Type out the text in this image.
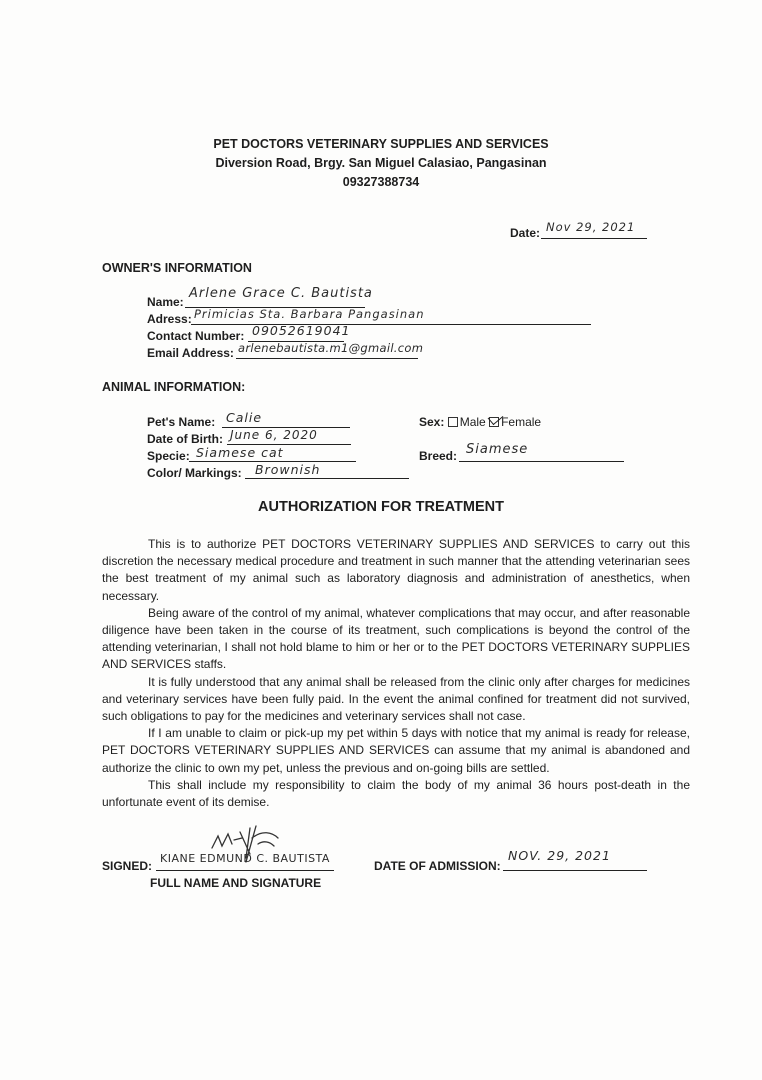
PET DOCTORS VETERINARY SUPPLIES AND SERVICES
Diversion Road, Brgy. San Miguel Calasiao, Pangasinan
09327388734
Date: Nov 29, 2021
OWNER'S INFORMATION
Name:
Arlene Grace C. Bautista
Adress: Primicias Sta. Barbara Pangasinan
Contact Number: 09052619041
Email Address: arlenebautista.m1@gmail.com
ANIMAL INFORMATION:
Pet's Name: Calie
Date of Birth: June 6, 2020
Specie: Siamese cat
Color/ Markings: Brownish
Sex: Male Female
Breed: Siamese
AUTHORIZATION FOR TREATMENT

This is to authorize PET DOCTORS VETERINARY SUPPLIES AND SERVICES to carry out this discretion the necessary medical procedure and treatment in such manner that the attending veterinarian sees the best treatment of my animal such as laboratory diagnosis and administration of anesthetics, when necessary.

Being aware of the control of my animal, whatever complications that may occur, and after reasonable diligence have been taken in the course of its treatment, such complications is beyond the control of the attending veterinarian, I shall not hold blame to him or her or to the PET DOCTORS VETERINARY SUPPLIES AND SERVICES staffs.

It is fully understood that any animal shall be released from the clinic only after charges for medicines and veterinary services have been fully paid. In the event the animal confined for treatment did not survived, such obligations to pay for the medicines and veterinary services shall not case.

If I am unable to claim or pick-up my pet within 5 days with notice that my animal is ready for release, PET DOCTORS VETERINARY SUPPLIES AND SERVICES can assume that my animal is abandoned and authorize the clinic to own my pet, unless the previous and on-going bills are settled.

This shall include my responsibility to claim the body of my animal 36 hours post-death in the unfortunate event of its demise.

SIGNED:
KIANE EDMUND C. BAUTISTA
FULL NAME AND SIGNATURE
DATE OF ADMISSION:
NOV. 29, 2021
